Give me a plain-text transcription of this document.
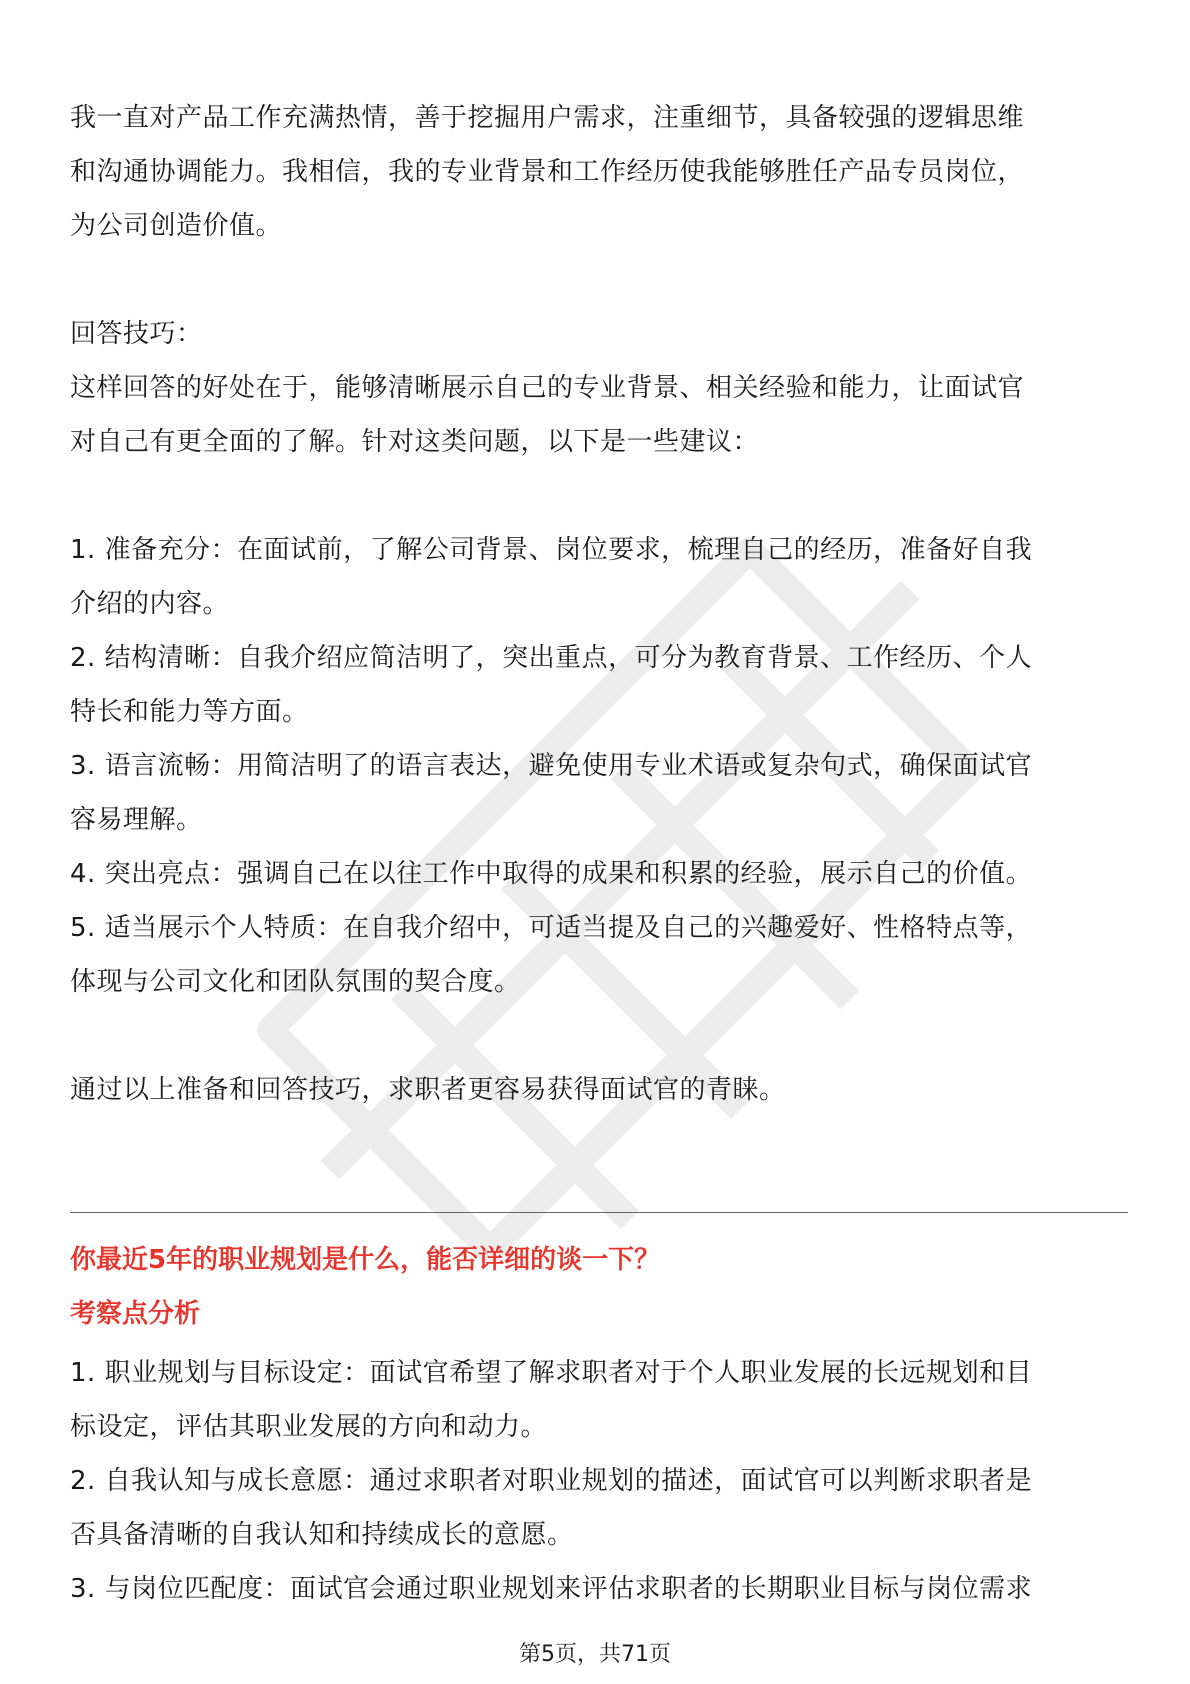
我一直对产品工作充满热情，善于挖掘用户需求，注重细节，具备较强的逻辑思维

和沟通协调能力。我相信，我的专业背景和工作经历使我能够胜任产品专员岗位，

为公司创造价值。

回答技巧：

这样回答的好处在于，能够清晰展示自己的专业背景、相关经验和能力，让面试官

对自己有更全面的了解。针对这类问题，以下是一些建议：

1. 准备充分：在面试前，了解公司背景、岗位要求，梳理自己的经历，准备好自我

介绍的内容。

2. 结构清晰：自我介绍应简洁明了，突出重点，可分为教育背景、工作经历、个人

特长和能力等方面。

3. 语言流畅：用简洁明了的语言表达，避免使用专业术语或复杂句式，确保面试官

容易理解。

4. 突出亮点：强调自己在以往工作中取得的成果和积累的经验，展示自己的价值。

5. 适当展示个人特质：在自我介绍中，可适当提及自己的兴趣爱好、性格特点等，

体现与公司文化和团队氛围的契合度。

通过以上准备和回答技巧，求职者更容易获得面试官的青睐。

你最近5年的职业规划是什么，能否详细的谈一下？

考察点分析

1. 职业规划与目标设定：面试官希望了解求职者对于个人职业发展的长远规划和目

标设定，评估其职业发展的方向和动力。

2. 自我认知与成长意愿：通过求职者对职业规划的描述，面试官可以判断求职者是

否具备清晰的自我认知和持续成长的意愿。

3. 与岗位匹配度：面试官会通过职业规划来评估求职者的长期职业目标与岗位需求

第5页，共71页
